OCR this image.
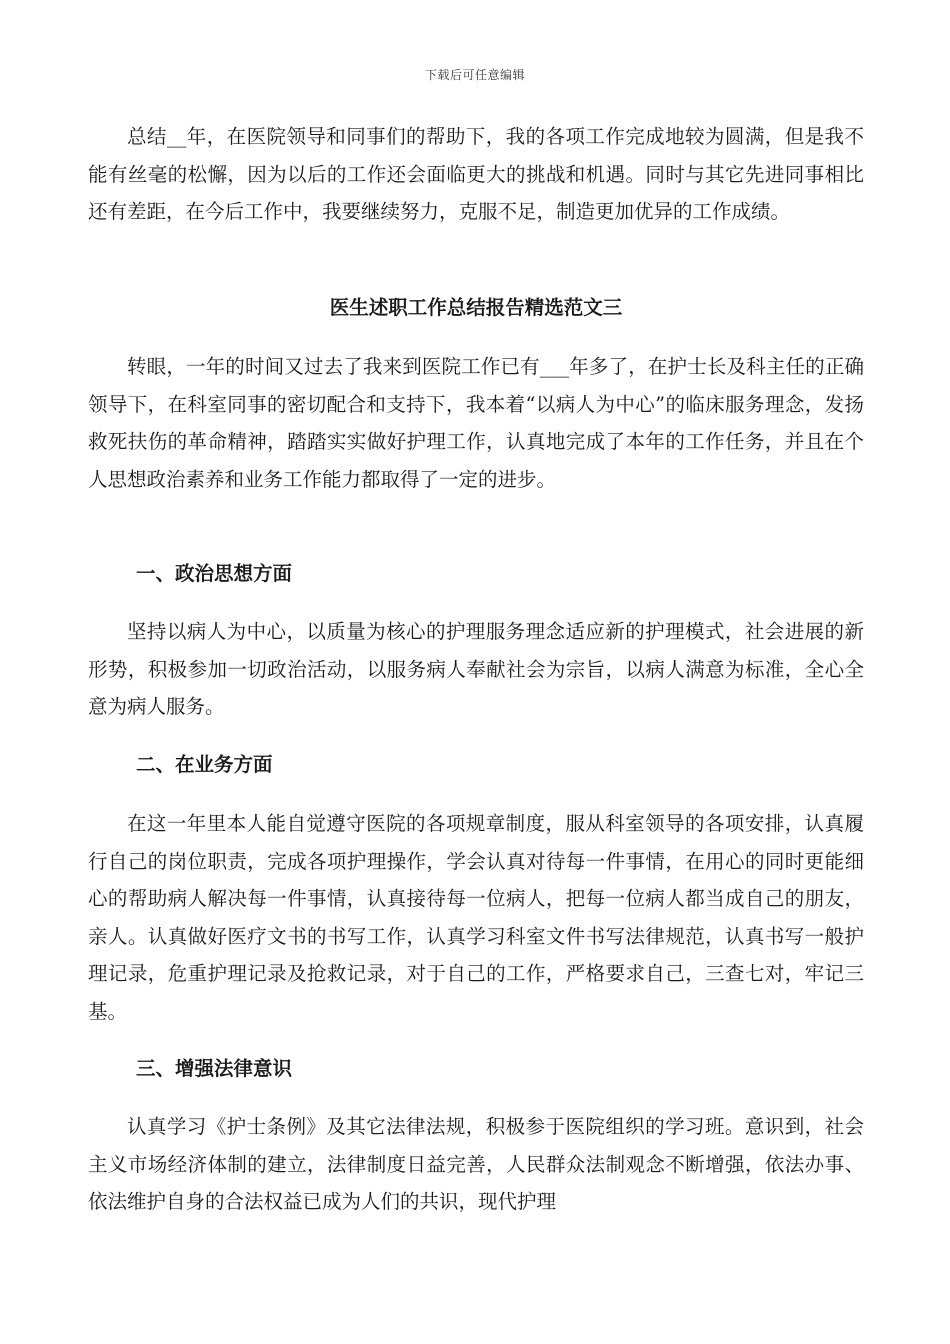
下载后可任意编辑

总结__年，在医院领导和同事们的帮助下，我的各项工作完成地较为圆满，但是我不能有丝毫的松懈，因为以后的工作还会面临更大的挑战和机遇。同时与其它先进同事相比还有差距，在今后工作中，我要继续努力，克服不足，制造更加优异的工作成绩。

医生述职工作总结报告精选范文三

转眼，一年的时间又过去了我来到医院工作已有___年多了，在护士长及科主任的正确领导下，在科室同事的密切配合和支持下，我本着“以病人为中心”的临床服务理念，发扬救死扶伤的革命精神，踏踏实实做好护理工作，认真地完成了本年的工作任务，并且在个人思想政治素养和业务工作能力都取得了一定的进步。

一、政治思想方面

坚持以病人为中心，以质量为核心的护理服务理念适应新的护理模式，社会进展的新形势，积极参加一切政治活动，以服务病人奉献社会为宗旨，以病人满意为标准，全心全意为病人服务。

二、在业务方面

在这一年里本人能自觉遵守医院的各项规章制度，服从科室领导的各项安排，认真履行自己的岗位职责，完成各项护理操作，学会认真对待每一件事情，在用心的同时更能细心的帮助病人解决每一件事情，认真接待每一位病人，把每一位病人都当成自己的朋友，亲人。认真做好医疗文书的书写工作，认真学习科室文件书写法律规范，认真书写一般护理记录，危重护理记录及抢救记录，对于自己的工作，严格要求自己，三查七对，牢记三基。

三、增强法律意识

认真学习《护士条例》及其它法律法规，积极参于医院组织的学习班。意识到，社会主义市场经济体制的建立，法律制度日益完善，人民群众法制观念不断增强，依法办事、依法维护自身的合法权益已成为人们的共识，现代护理
